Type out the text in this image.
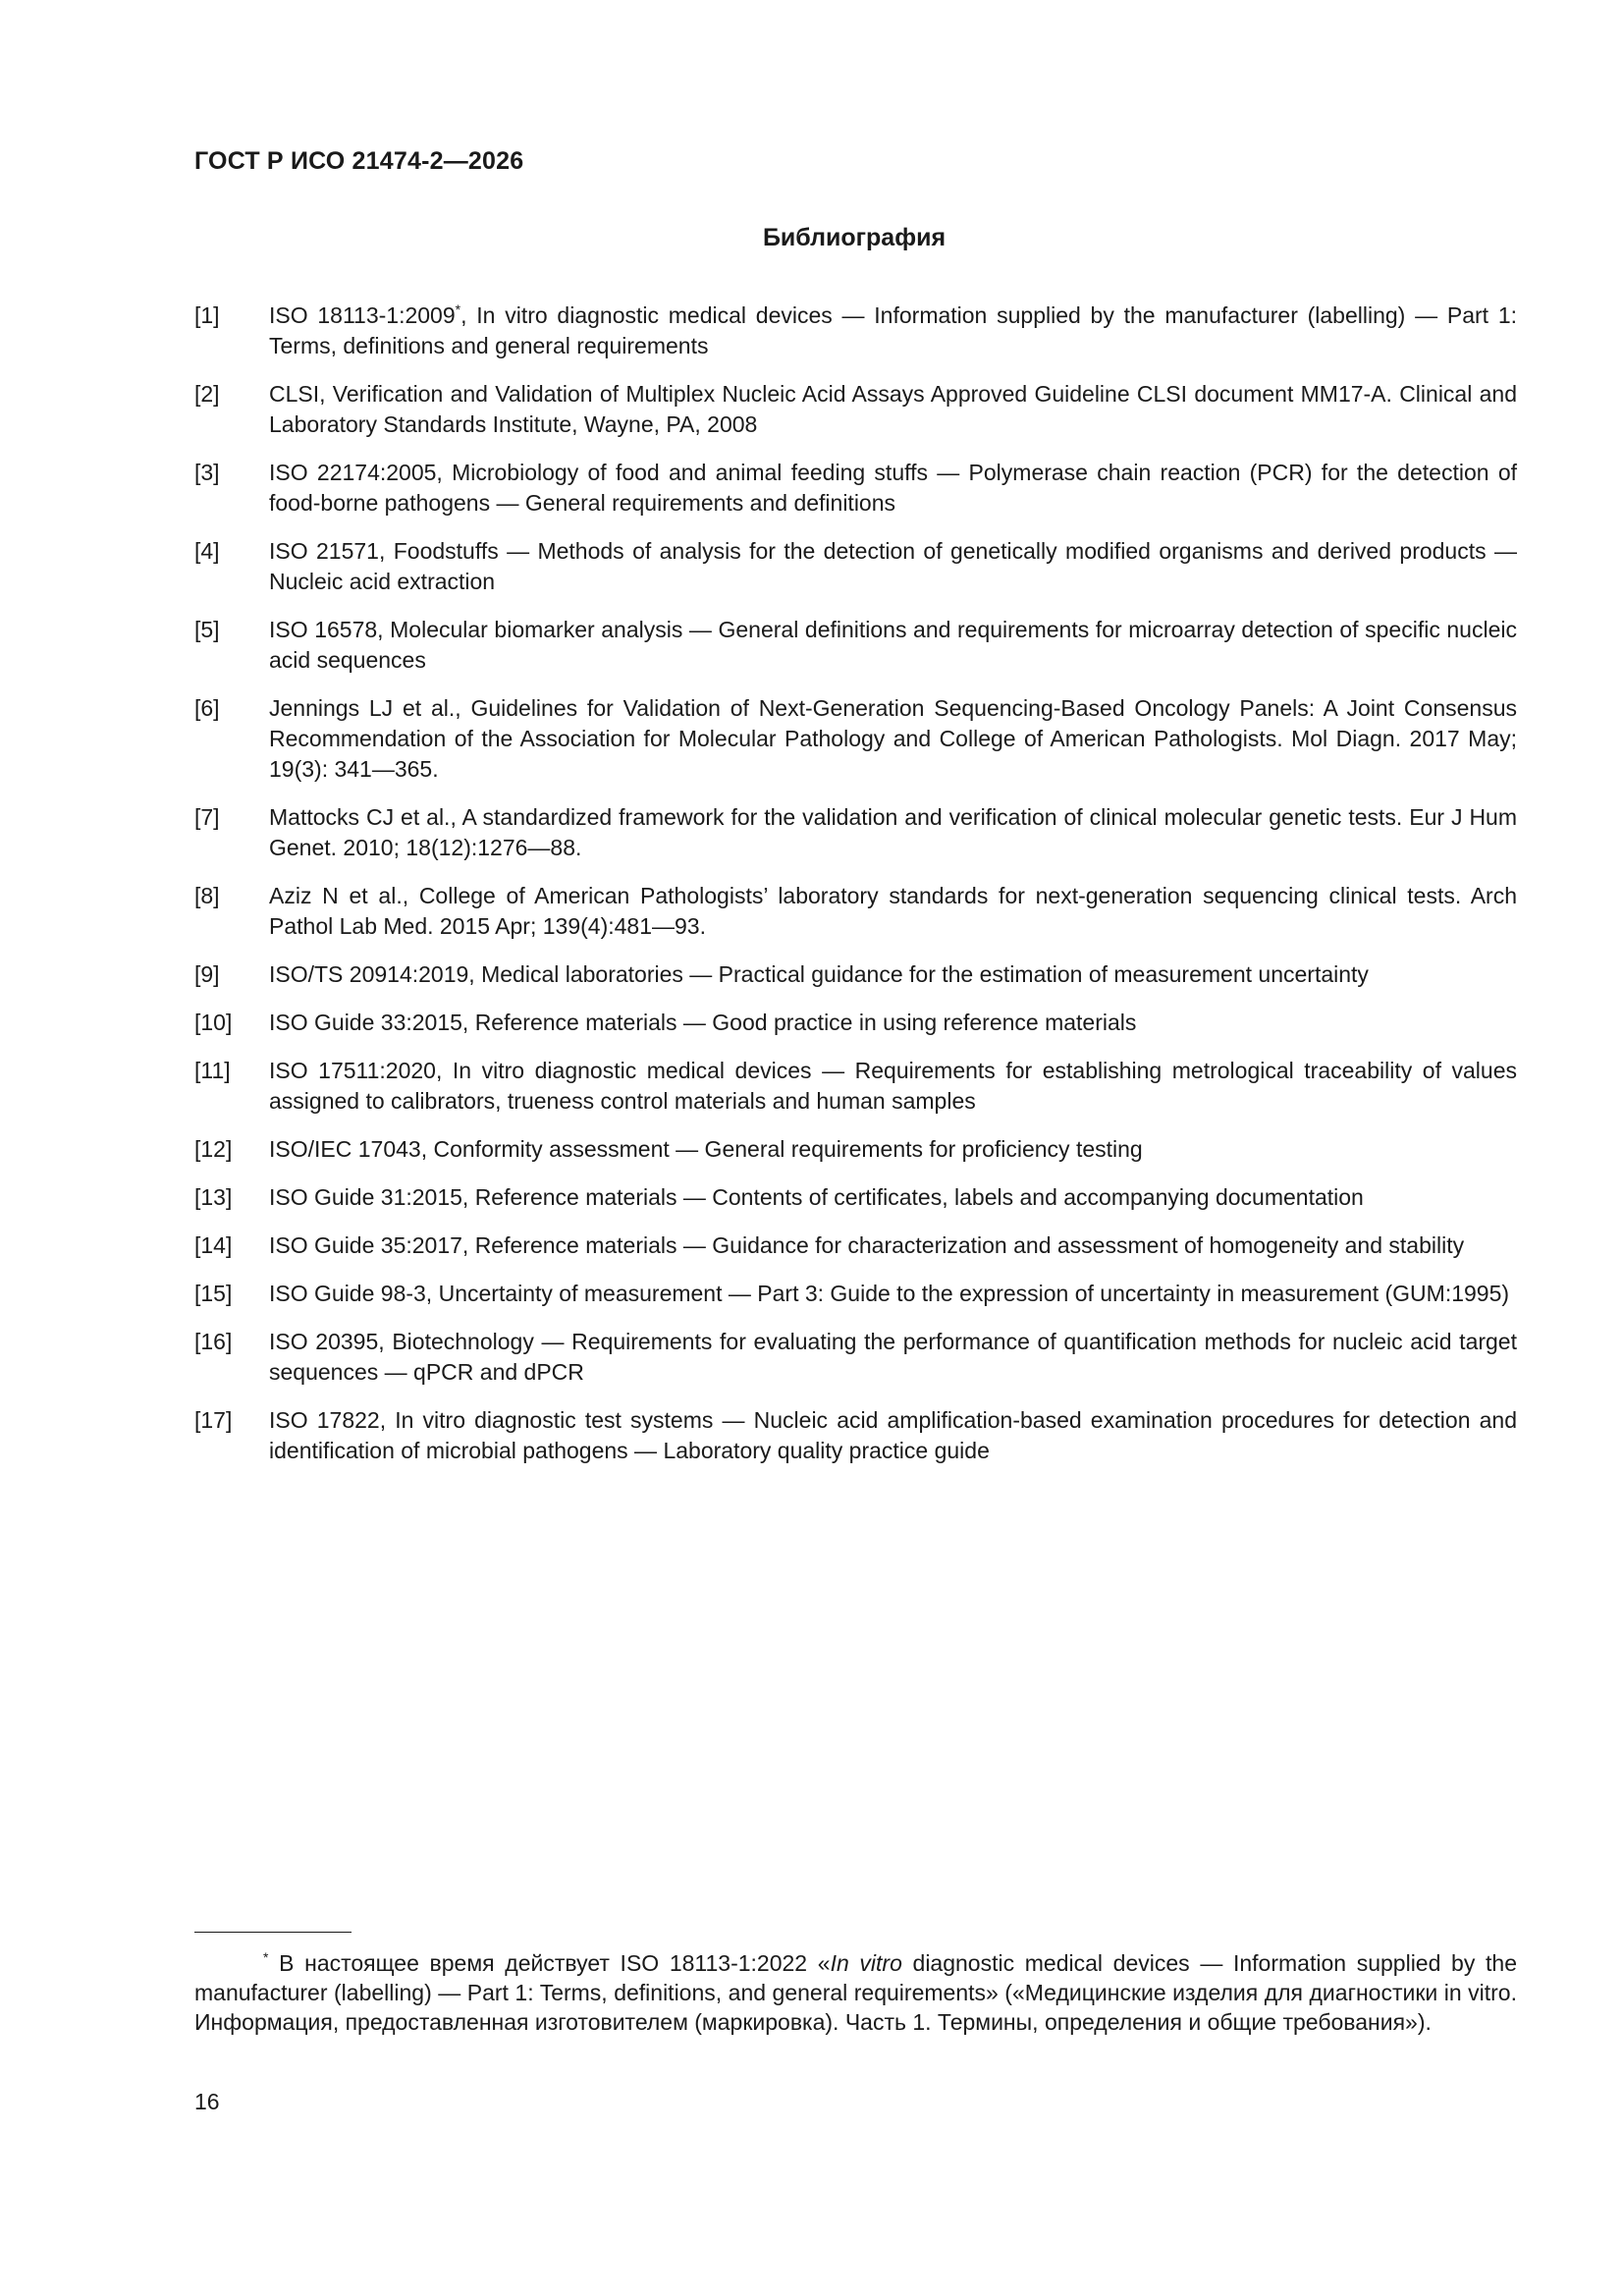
ГОСТ Р ИСО 21474-2—2026
Библиография
[1]	ISO 18113-1:2009*, In vitro diagnostic medical devices — Information supplied by the manufacturer (labelling) — Part 1: Terms, definitions and general requirements
[2]	CLSI, Verification and Validation of Multiplex Nucleic Acid Assays Approved Guideline CLSI document MM17-A. Clinical and Laboratory Standards Institute, Wayne, PA, 2008
[3]	ISO 22174:2005, Microbiology of food and animal feeding stuffs — Polymerase chain reaction (PCR) for the detection of food-borne pathogens — General requirements and definitions
[4]	ISO 21571, Foodstuffs — Methods of analysis for the detection of genetically modified organisms and derived products — Nucleic acid extraction
[5]	ISO 16578, Molecular biomarker analysis — General definitions and requirements for microarray detection of specific nucleic acid sequences
[6]	Jennings LJ et al., Guidelines for Validation of Next-Generation Sequencing-Based Oncology Panels: A Joint Consensus Recommendation of the Association for Molecular Pathology and College of American Pathologists. Mol Diagn. 2017 May; 19(3): 341—365.
[7]	Mattocks CJ et al., A standardized framework for the validation and verification of clinical molecular genetic tests. Eur J Hum Genet. 2010; 18(12):1276—88.
[8]	Aziz N et al., College of American Pathologists’ laboratory standards for next-generation sequencing clinical tests. Arch Pathol Lab Med. 2015 Apr; 139(4):481—93.
[9]	ISO/TS 20914:2019, Medical laboratories — Practical guidance for the estimation of measurement uncertainty
[10]	ISO Guide 33:2015, Reference materials — Good practice in using reference materials
[11]	ISO 17511:2020, In vitro diagnostic medical devices — Requirements for establishing metrological traceability of values assigned to calibrators, trueness control materials and human samples
[12]	ISO/IEC 17043, Conformity assessment — General requirements for proficiency testing
[13]	ISO Guide 31:2015, Reference materials — Contents of certificates, labels and accompanying documentation
[14]	ISO Guide 35:2017, Reference materials — Guidance for characterization and assessment of homogeneity and stability
[15]	ISO Guide 98-3, Uncertainty of measurement — Part 3: Guide to the expression of uncertainty in measurement (GUM:1995)
[16]	ISO 20395, Biotechnology — Requirements for evaluating the performance of quantification methods for nucleic acid target sequences — qPCR and dPCR
[17]	ISO 17822, In vitro diagnostic test systems — Nucleic acid amplification-based examination procedures for detection and identification of microbial pathogens — Laboratory quality practice guide
* В настоящее время действует ISO 18113-1:2022 «In vitro diagnostic medical devices — Information supplied by the manufacturer (labelling) — Part 1: Terms, definitions, and general requirements» («Медицинские изделия для диагностики in vitro. Информация, предоставленная изготовителем (маркировка). Часть 1. Термины, определения и общие требования»).
16
